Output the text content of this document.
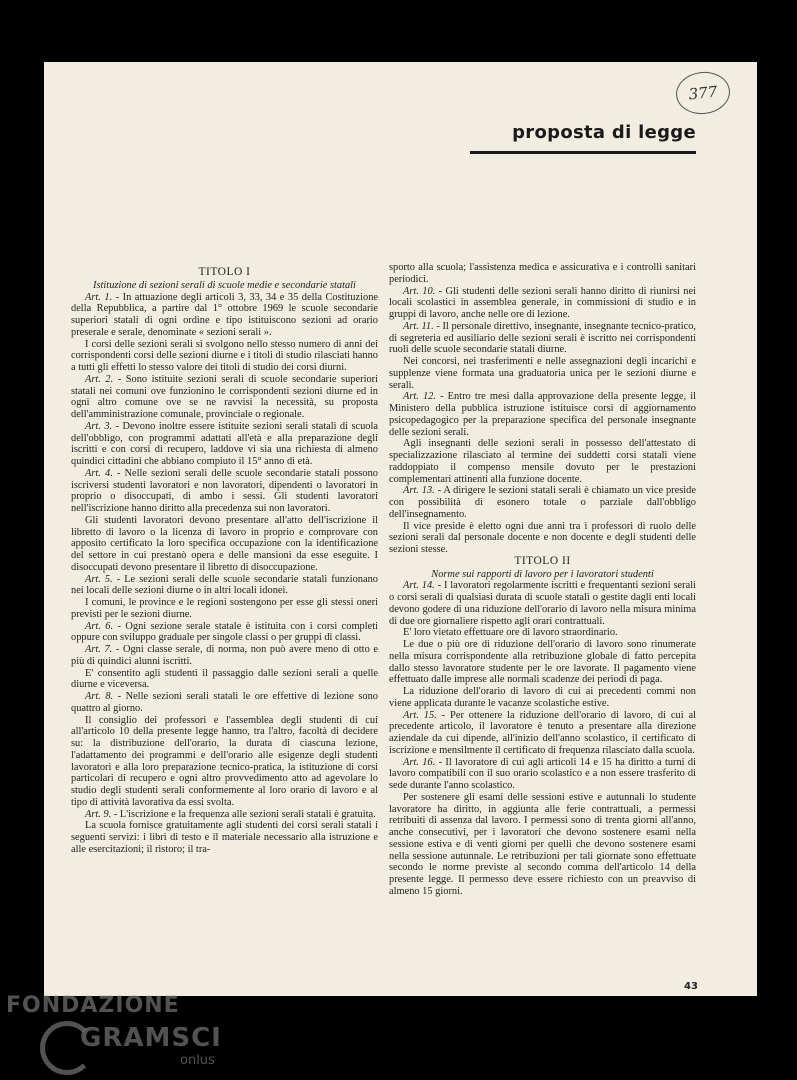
377
proposta di legge
TITOLO I
Istituzione di sezioni serali di scuole medie e secondarie statali

Art. 1. - In attuazione degli articoli 3, 33, 34 e 35 della Costituzione della Repubblica, a partire dal 1° ottobre 1969 le scuole secondarie superiori statali di ogni ordine e tipo istituiscono sezioni ad orario preserale e serale, denominate « sezioni serali ».

I corsi delle sezioni serali si svolgono nello stesso numero di anni dei corrispondenti corsi delle sezioni diurne e i titoli di studio rilasciati hanno a tutti gli effetti lo stesso valore dei titoli di studio dei corsi diurni.

Art. 2. - Sono istituite sezioni serali di scuole secondarie superiori statali nei comuni ove funzionino le corrispondenti sezioni diurne ed in ogni altro comune ove se ne ravvisi la necessità, su proposta dell'amministrazione comunale, provinciale o regionale.

Art. 3. - Devono inoltre essere istituite sezioni serali statali di scuola dell'obbligo, con programmi adattati all'età e alla preparazione degli iscritti e con corsi di recupero, laddove vi sia una richiesta di almeno quindici cittadini che abbiano compiuto il 15° anno di età.

Art. 4. - Nelle sezioni serali delle scuole secondarie statali possono iscriversi studenti lavoratori e non lavoratori, dipendenti o lavoratori in proprio o disoccupati, di ambo i sessi. Gli studenti lavoratori nell'iscrizione hanno diritto alla precedenza sui non lavoratori.

Gli studenti lavoratori devono presentare all'atto dell'iscrizione il libretto di lavoro o la licenza di lavoro in proprio e comprovare con apposito certificato la loro specifica occupazione con la identificazione del settore in cui prestanò opera e delle mansioni da esse eseguite. I disoccupati devono presentare il libretto di disoccupazione.

Art. 5. - Le sezioni serali delle scuole secondarie statali funzionano nei locali delle sezioni diurne o in altri locali idonei.

I comuni, le province e le regioni sostengono per esse gli stessi oneri previsti per le sezioni diurne.

Art. 6. - Ogni sezione serale statale è istituita con i corsi completi oppure con sviluppo graduale per singole classi o per gruppi di classi.

Art. 7. - Ogni classe serale, di norma, non può avere meno di otto e più di quindici alunni iscritti.

E' consentito agli studenti il passaggio dalle sezioni serali a quelle diurne e viceversa.

Art. 8. - Nelle sezioni serali statali le ore effettive di lezione sono quattro al giorno.

Il consiglio dei professori e l'assemblea degli studenti di cui all'articolo 10 della presente legge hanno, tra l'altro, facoltà di decidere su: la distribuzione dell'orario, la durata di ciascuna lezione, l'adattamento dei programmi e dell'orario alle esigenze degli studenti lavoratori e alla loro preparazione tecnico-pratica, la istituzione di corsi particolari di recupero e ogni altro provvedimento atto ad agevolare lo studio degli studenti serali conformemente al loro orario di lavoro e al tipo di attività lavorativa da essi svolta.

Art. 9. - L'iscrizione e la frequenza alle sezioni serali statali è gratuita.

La scuola fornisce gratuitamente agli studenti dei corsi serali statali i seguenti servizi: i libri di testo e il materiale necessario alla istruzione e alle esercitazioni; il ristoro; il tra-

sporto alla scuola; l'assistenza medica e assicurativa e i controlli sanitari periodici.

Art. 10. - Gli studenti delle sezioni serali hanno diritto di riunirsi nei locali scolastici in assemblea generale, in commissioni di studio e in gruppi di lavoro, anche nelle ore di lezione.

Art. 11. - Il personale direttivo, insegnante, insegnante tecnico-pratico, di segreteria ed ausiliario delle sezioni serali è iscritto nei corrispondenti ruoli delle scuole secondarie statali diurne.

Nei concorsi, nei trasferimenti e nelle assegnazioni degli incarichi e supplenze viene formata una graduatoria unica per le sezioni diurne e serali.

Art. 12. - Entro tre mesi dalla approvazione della presente legge, il Ministero della pubblica istruzione istituisce corsi di aggiornamento psicopedagogico per la preparazione specifica del personale insegnante delle sezioni serali.

Agli insegnanti delle sezioni serali in possesso dell'attestato di specializzazione rilasciato al termine dei suddetti corsi statali viene raddoppiato il compenso mensile dovuto per le prestazioni complementari attinenti alla funzione docente.

Art. 13. - A dirigere le sezioni statali serali è chiamato un vice preside con possibilità di esonero totale o parziale dall'obbligo dell'insegnamento.

Il vice preside è eletto ogni due anni tra i professori di ruolo delle sezioni serali dal personale docente e non docente e degli studenti delle sezioni stesse.

TITOLO II
Norme sui rapporti di lavoro per i lavoratori studenti

Art. 14. - I lavoratori regolarmente iscritti e frequentanti sezioni serali o corsi serali di qualsiasi durata di scuole statali o gestite dagli enti locali devono godere di una riduzione dell'orario di lavoro nella misura minima di due ore giornaliere rispetto agli orari contrattuali.

E' loro vietato effettuare ore di lavoro straordinario.

Le due o più ore di riduzione dell'orario di lavoro sono rinumerate nella misura corrispondente alla retribuzione globale di fatto percepita dallo stesso lavoratore studente per le ore lavorate. Il pagamento viene effettuato dalle imprese alle normali scadenze dei periodi di paga.

La riduzione dell'orario di lavoro di cui ai precedenti commi non viene applicata durante le vacanze scolastiche estive.

Art. 15. - Per ottenere la riduzione dell'orario di lavoro, di cui al precedente articolo, il lavoratore è tenuto a presentare alla direzione aziendale da cui dipende, all'inizio dell'anno scolastico, il certificato di iscrizione e mensilmente il certificato di frequenza rilasciato dalla scuola.

Art. 16. - Il lavoratore di cui agli articoli 14 e 15 ha diritto a turni di lavoro compatibili con il suo orario scolastico e a non essere trasferito di sede durante l'anno scolastico.

Per sostenere gli esami delle sessioni estive e autunnali lo studente lavoratore ha diritto, in aggiunta alle ferie contrattuali, a permessi retribuiti di assenza dal lavoro. I permessi sono di trenta giorni all'anno, anche consecutivi, per i lavoratori che devono sostenere esami nella sessione estiva e di venti giorni per quelli che devono sostenere esami nella sessione autunnale. Le retribuzioni per tali giornate sono effettuate secondo le norme previste al secondo comma dell'articolo 14 della presente legge. Il permesso deve essere richiesto con un preavviso di almeno 15 giorni.

43
FONDAZIONE
GRAMSCI
onlus
